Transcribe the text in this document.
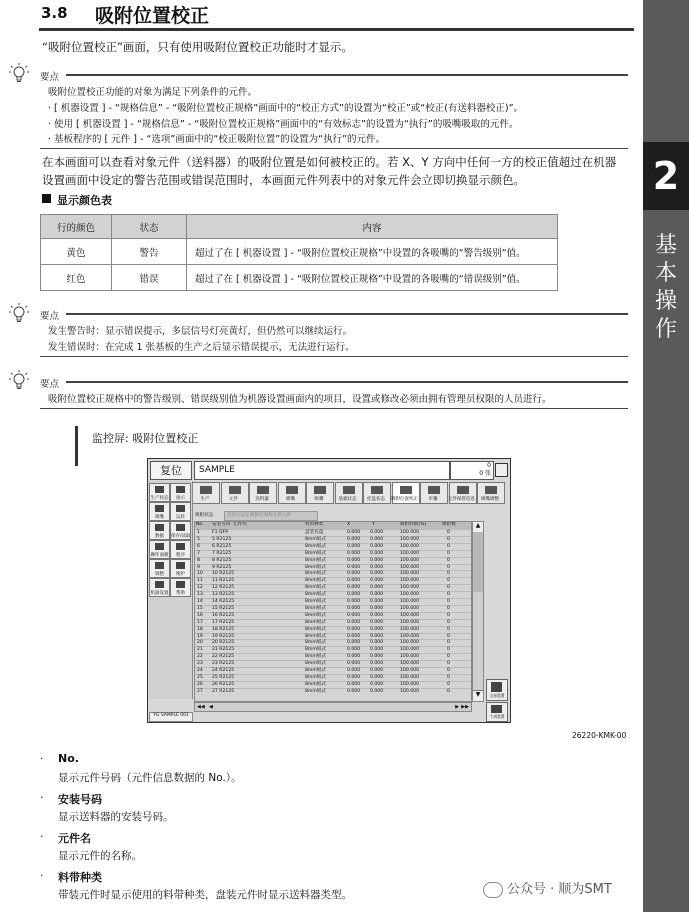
2
基
本
操
作
3.8 吸附位置校正
“吸附位置校正”画面，只有使用吸附位置校正功能时才显示。
要点
吸附位置校正功能的对象为满足下列条件的元件。
· [ 机器设置 ] - “规格信息” - “吸附位置校正规格”画面中的“校正方式”的设置为“校正”或“校正(有送料器校正)”。
· 使用 [ 机器设置 ] - “规格信息” - “吸附位置校正规格”画面中的“有效标志”的设置为“执行”的吸嘴吸取的元件。
· 基板程序的 [ 元件 ] - “选项”画面中的“校正吸附位置”的设置为“执行”的元件。
在本画面可以查看对象元件（送料器）的吸附位置是如何被校正的。若 X、Y 方向中任何一方的校正值超过在机器
设置画面中设定的警告范围或错误范围时，本画面元件列表中的对象元件会立即切换显示颜色。
显示颜色表
行的颜色	状态	内容
黄色	警告	超过了在 [ 机器设置 ] - “吸附位置校正规格”中设置的各吸嘴的“警告级别”值。
红色	错误	超过了在 [ 机器设置 ] - “吸附位置校正规格”中设置的各吸嘴的“错误级别”值。
要点
发生警告时：显示错误提示，多层信号灯亮黄灯，但仍然可以继续运行。
发生错误时：在完成 1 张基板的生产之后显示错误提示，无法进行运行。
要点
吸附位置校正规格中的警告级别、错误级别值为机器设置画面内的项目，设置或修改必须由拥有管理员权限的人员进行。
监控屏: 吸附位置校正
复位	SAMPLE	0
0 张
生产	元件	送料器	喷嘴	吸嘴	基板状态	托盘状态	吸附位置校正	步骤	元件保管信息	吸嘴调整
生产状态	指示
吸嘴	运转
数据	保存/读取
操作面板	程序
调整	维护
机器设置	帮助
YG SAMPLE 001
吸附状态	仅显示设定吸附位置校正的元件
No. 安装号码 元件名	料带种类	X	Y	吸附料数(%)	吸附数
1	F1 QFP	盘装托盘	0.000 0.000	100.000	0
5	5 R2125	8mm纸式	0.000 0.000	100.000	0
6	6 R2125	8mm纸式	0.000 0.000	100.000	0
7	7 R2125	8mm纸式	0.000 0.000	100.000	0
8	8 R2125	8mm纸式	0.000 0.000	100.000	0
9	9 R2125	8mm纸式	0.000 0.000	100.000	0
10 10 R2125	8mm纸式	0.000 0.000	100.000	0
11 11 R2125	8mm纸式	0.000 0.000	100.000	0
12 12 R2125	8mm纸式	0.000 0.000	100.000	0
13 13 R2125	8mm纸式	0.000 0.000	100.000	0
14 14 R2125	8mm纸式	0.000 0.000	100.000	0
15 15 R2125	8mm纸式	0.000 0.000	100.000	0
16 16 R2125	8mm纸式	0.000 0.000	100.000	0
17 17 R2125	8mm纸式	0.000 0.000	100.000	0
18 18 R2125	8mm纸式	0.000 0.000	100.000	0
19 19 R2125	8mm纸式	0.000 0.000	100.000	0
20 20 R2125	8mm纸式	0.000 0.000	100.000	0
21 21 R2125	8mm纸式	0.000 0.000	100.000	0
22 22 R2125	8mm纸式	0.000 0.000	100.000	0
23 23 R2125	8mm纸式	0.000 0.000	100.000	0
24 24 R2125	8mm纸式	0.000 0.000	100.000	0
25 25 R2125	8mm纸式	0.000 0.000	100.000	0
26 26 R2125	8mm纸式	0.000 0.000	100.000	0
27 27 R2125	8mm纸式	0.000 0.000	100.000	0
▲
▼	全部重置
个别重置
◀◀ ◀	▶ ▶▶
26220-KMK-00
· No.
显示元件号码（元件信息数据的 No.）。
· 安装号码
显示送料器的安装号码。
· 元件名
显示元件的名称。
· 料带种类
带装元件时显示使用的料带种类，盘装元件时显示送料器类型。	公众号 · 顺为SMT
